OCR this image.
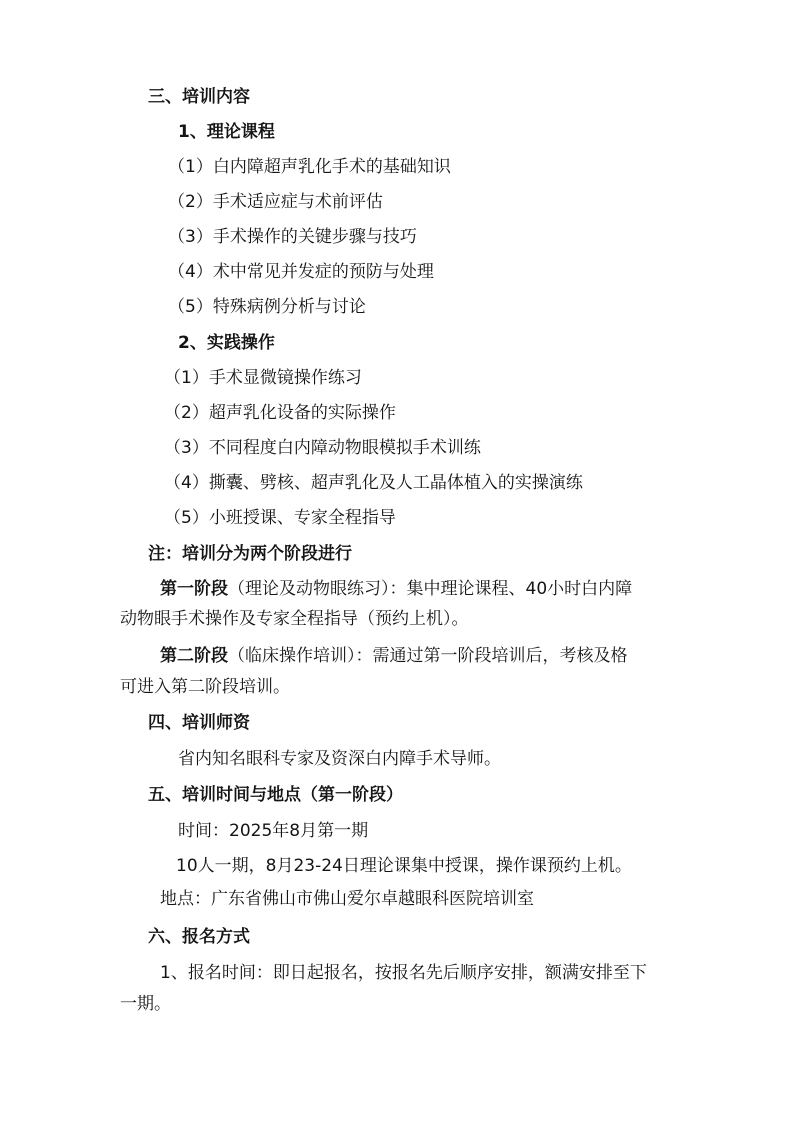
三、培训内容
1、理论课程
（1）白内障超声乳化手术的基础知识
（2）手术适应症与术前评估
（3）手术操作的关键步骤与技巧
（4）术中常见并发症的预防与处理
（5）特殊病例分析与讨论
2、实践操作
（1）手术显微镜操作练习
（2）超声乳化设备的实际操作
（3）不同程度白内障动物眼模拟手术训练
（4）撕囊、劈核、超声乳化及人工晶体植入的实操演练
（5）小班授课、专家全程指导
注：培训分为两个阶段进行
第一阶段（理论及动物眼练习）：集中理论课程、40小时白内障
动物眼手术操作及专家全程指导（预约上机）。
第二阶段（临床操作培训）：需通过第一阶段培训后，考核及格
可进入第二阶段培训。
四、培训师资
省内知名眼科专家及资深白内障手术导师。
五、培训时间与地点（第一阶段）
时间：2025年8月第一期
10人一期，8月23-24日理论课集中授课，操作课预约上机。
地点：广东省佛山市佛山爱尔卓越眼科医院培训室
六、报名方式
1、报名时间：即日起报名，按报名先后顺序安排，额满安排至下
一期。
